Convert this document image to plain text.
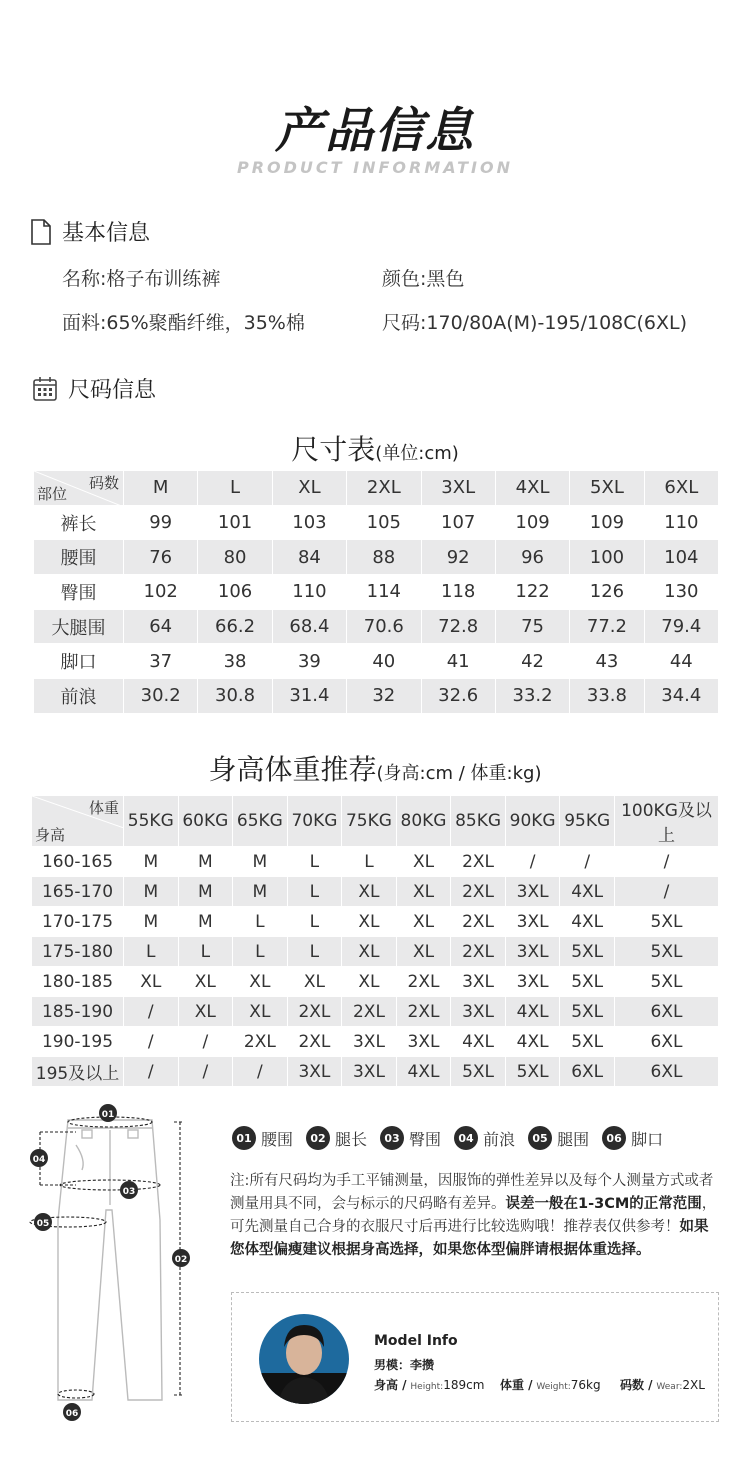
产品信息
PRODUCT INFORMATION
基本信息
名称:格子布训练裤	颜色:黑色
面料:65%聚酯纤维，35%棉	尺码:170/80A(M)-195/108C(6XL)
尺码信息
尺寸表(单位:cm)
码数
部位	M	L	XL	2XL	3XL	4XL	5XL	6XL
裤长	99	101	103	105	107	109	109	110
腰围	76	80	84	88	92	96	100	104
臀围	102	106	110	114	118	122	126	130
大腿围	64	66.2	68.4	70.6	72.8	75	77.2	79.4
脚口	37	38	39	40	41	42	43	44
前浪	30.2	30.8	31.4	32	32.6	33.2	33.8	34.4
身高体重推荐(身高:cm / 体重:kg)
体重
身高	55KG	60KG	65KG	70KG	75KG	80KG	85KG	90KG	95KG	100KG及以上
160-165	M	M	M	L	L	XL	2XL	/	/	/
165-170	M	M	M	L	XL	XL	2XL	3XL	4XL	/
170-175	M	M	L	L	XL	XL	2XL	3XL	4XL	5XL
175-180	L	L	L	L	XL	XL	2XL	3XL	5XL	5XL
180-185	XL	XL	XL	XL	XL	2XL	3XL	3XL	5XL	5XL
185-190	/	XL	XL	2XL	2XL	2XL	3XL	4XL	5XL	6XL
190-195	/	/	2XL	2XL	3XL	3XL	4XL	4XL	5XL	6XL
195及以上	/	/	/	3XL	3XL	4XL	5XL	5XL	6XL	6XL
01
04
03
05
02
06
01 腰围	02 腿长	03 臀围	04 前浪	05 腿围	06 脚口
注:所有尺码均为手工平铺测量，因服饰的弹性差异以及每个人测量方式或者测量用具不同，会与标示的尺码略有差异。误差一般在1-3CM的正常范围，可先测量自己合身的衣服尺寸后再进行比较选购哦！推荐表仅供参考！如果您体型偏瘦建议根据身高选择，如果您体型偏胖请根据体重选择。
Model Info
男模：李攒
身高 / Height:189cm 体重 / Weight:76kg 码数 / Wear:2XL
